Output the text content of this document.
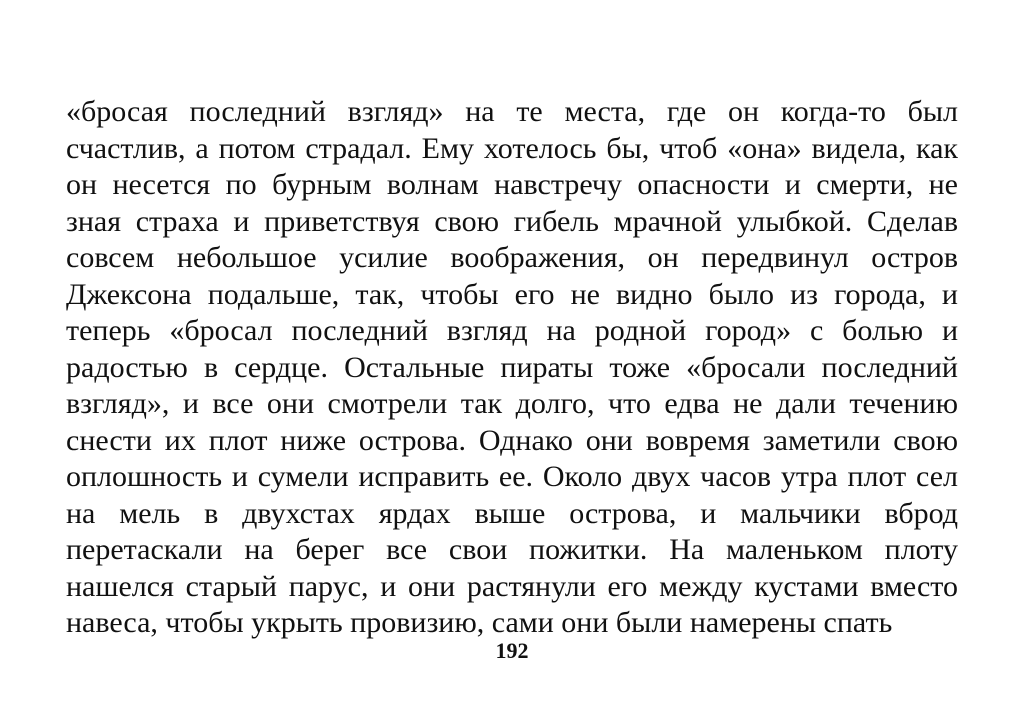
«бросая последний взгляд» на те места, где он когда-то был
счастлив, а потом страдал. Ему хотелось бы, чтоб «она» видела, как
он несется по бурным волнам навстречу опасности и смерти, не
зная страха и приветствуя свою гибель мрачной улыбкой. Сделав
совсем небольшое усилие воображения, он передвинул остров
Джексона подальше, так, чтобы его не видно было из города, и
теперь «бросал последний взгляд на родной город» с болью и
радостью в сердце. Остальные пираты тоже «бросали последний
взгляд», и все они смотрели так долго, что едва не дали течению
снести их плот ниже острова. Однако они вовремя заметили свою
оплошность и сумели исправить ее. Около двух часов утра плот сел
на мель в двухстах ярдах выше острова, и мальчики вброд
перетаскали на берег все свои пожитки. На маленьком плоту
нашелся старый парус, и они растянули его между кустами вместо
навеса, чтобы укрыть провизию, сами они были намерены спать
192
